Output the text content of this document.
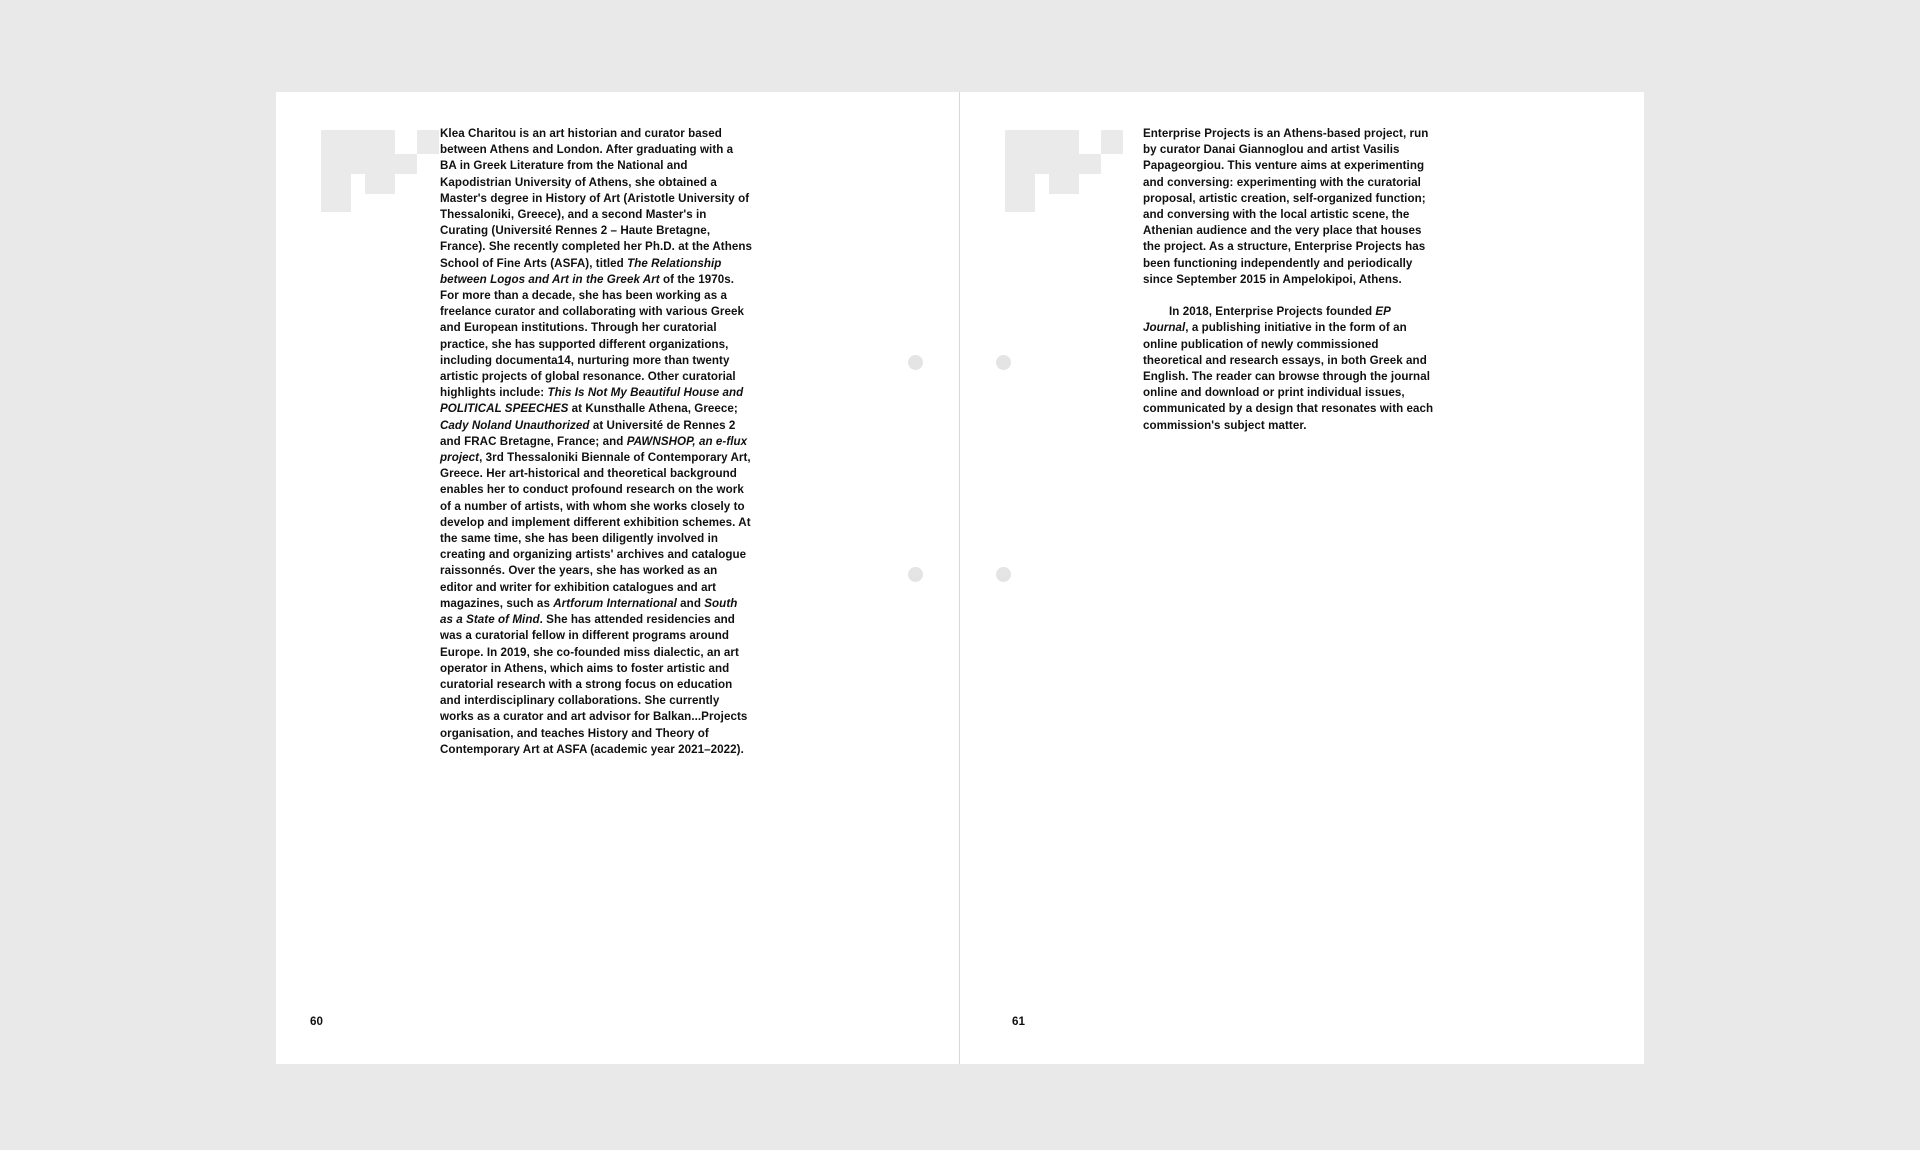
Klea Charitou is an art historian and curator based between Athens and London. After graduating with a BA in Greek Literature from the National and Kapodistrian University of Athens, she obtained a Master's degree in History of Art (Aristotle University of Thessaloniki, Greece), and a second Master's in Curating (Université Rennes 2 – Haute Bretagne, France). She recently completed her Ph.D. at the Athens School of Fine Arts (ASFA), titled The Relationship between Logos and Art in the Greek Art of the 1970s. For more than a decade, she has been working as a freelance curator and collaborating with various Greek and European institutions. Through her curatorial practice, she has supported different organizations, including documenta14, nurturing more than twenty artistic projects of global resonance. Other curatorial highlights include: This Is Not My Beautiful House and POLITICAL SPEECHES at Kunsthalle Athena, Greece; Cady Noland Unauthorized at Université de Rennes 2 and FRAC Bretagne, France; and PAWNSHOP, an e-flux project, 3rd Thessaloniki Biennale of Contemporary Art, Greece. Her art-historical and theoretical background enables her to conduct profound research on the work of a number of artists, with whom she works closely to develop and implement different exhibition schemes. At the same time, she has been diligently involved in creating and organizing artists' archives and catalogue raissonnés. Over the years, she has worked as an editor and writer for exhibition catalogues and art magazines, such as Artforum International and South as a State of Mind. She has attended residencies and was a curatorial fellow in different programs around Europe. In 2019, she co-founded miss dialectic, an art operator in Athens, which aims to foster artistic and curatorial research with a strong focus on education and interdisciplinary collaborations. She currently works as a curator and art advisor for Balkan...Projects organisation, and teaches History and Theory of Contemporary Art at ASFA (academic year 2021–2022).

60

Enterprise Projects is an Athens-based project, run by curator Danai Giannoglou and artist Vasilis Papageorgiou. This venture aims at experimenting and conversing: experimenting with the curatorial proposal, artistic creation, self-organized function; and conversing with the local artistic scene, the Athenian audience and the very place that houses the project. As a structure, Enterprise Projects has been functioning independently and periodically since September 2015 in Ampelokipoi, Athens.

In 2018, Enterprise Projects founded EP Journal, a publishing initiative in the form of an online publication of newly commissioned theoretical and research essays, in both Greek and English. The reader can browse through the journal online and download or print individual issues, communicated by a design that resonates with each commission's subject matter.

61
